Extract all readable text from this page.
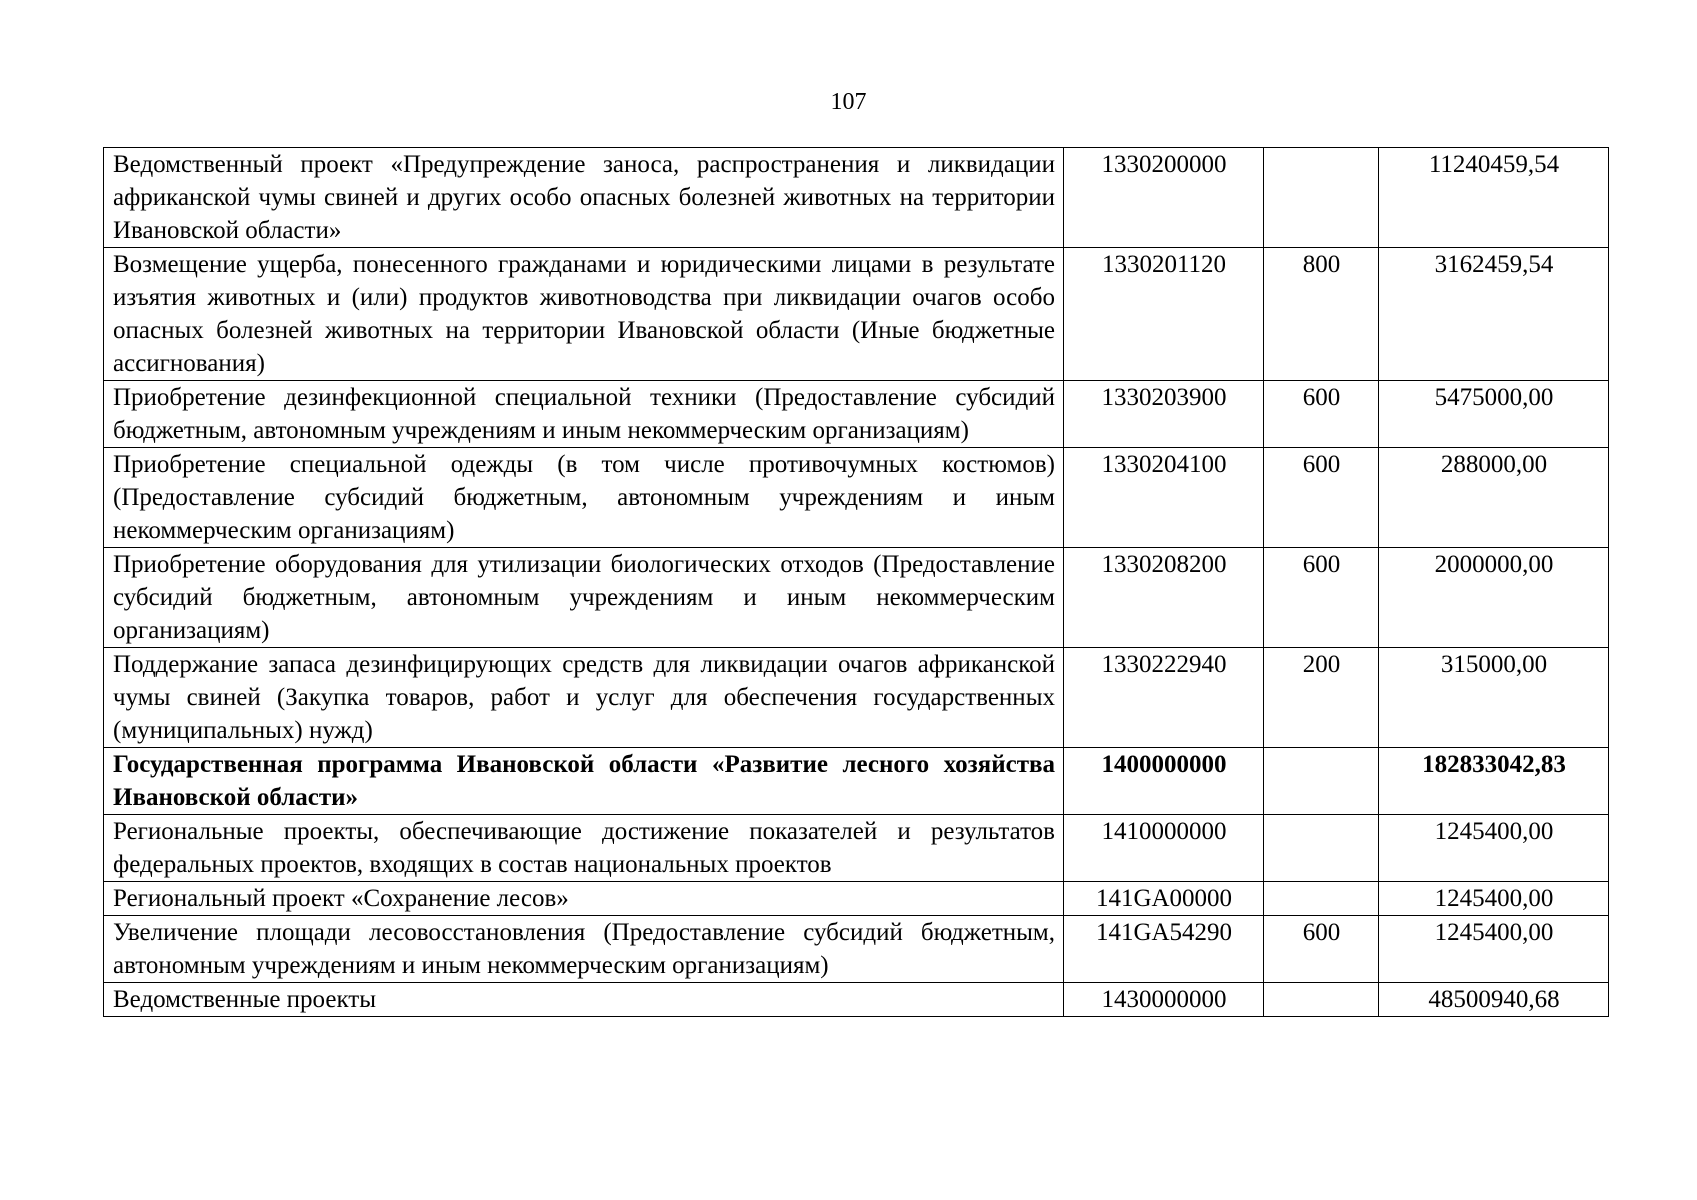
107
Ведомственный проект «Предупреждение заноса, распространения и ликвидации африканской чумы свиней и других особо опасных болезней животных на территории Ивановской области»	1330200000		11240459,54
Возмещение ущерба, понесенного гражданами и юридическими лицами в результате изъятия животных и (или) продуктов животноводства при ликвидации очагов особо опасных болезней животных на территории Ивановской области (Иные бюджетные ассигнования)	1330201120	800	3162459,54
Приобретение дезинфекционной специальной техники (Предоставление субсидий бюджетным, автономным учреждениям и иным некоммерческим организациям)	1330203900	600	5475000,00
Приобретение специальной одежды (в том числе противочумных костюмов) (Предоставление субсидий бюджетным, автономным учреждениям и иным некоммерческим организациям)	1330204100	600	288000,00
Приобретение оборудования для утилизации биологических отходов (Предоставление субсидий бюджетным, автономным учреждениям и иным некоммерческим организациям)	1330208200	600	2000000,00
Поддержание запаса дезинфицирующих средств для ликвидации очагов африканской чумы свиней (Закупка товаров, работ и услуг для обеспечения государственных (муниципальных) нужд)	1330222940	200	315000,00
Государственная программа Ивановской области «Развитие лесного хозяйства Ивановской области»	1400000000		182833042,83
Региональные проекты, обеспечивающие достижение показателей и результатов федеральных проектов, входящих в состав национальных проектов	1410000000		1245400,00
Региональный проект «Сохранение лесов»	141GA00000		1245400,00
Увеличение площади лесовосстановления (Предоставление субсидий бюджетным, автономным учреждениям и иным некоммерческим организациям)	141GA54290	600	1245400,00
Ведомственные проекты	1430000000		48500940,68
